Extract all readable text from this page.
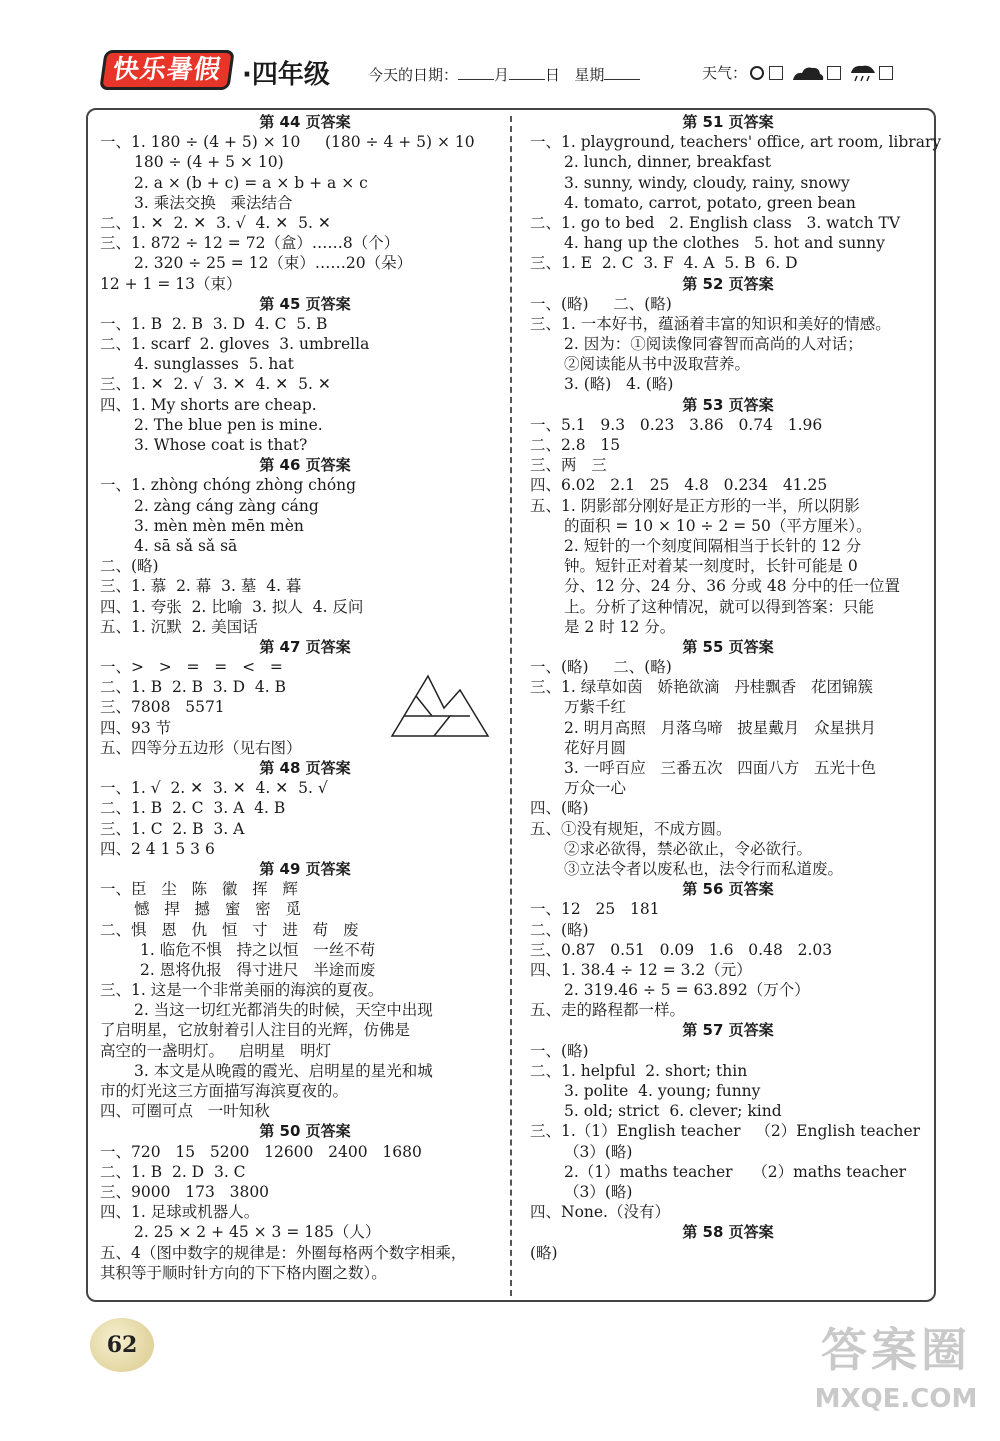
快乐暑假 ·四年级	今天的日期： 月 日 星期	天气：
第 44 页答案
一、1. 180 ÷ (4 + 5) × 10     (180 ÷ 4 + 5) × 10
180 ÷ (4 + 5 × 10)
2. a × (b + c) = a × b + a × c
3. 乘法交换   乘法结合
二、1. ✕  2. ✕  3. √  4. ✕  5. ✕
三、1. 872 ÷ 12 = 72（盒）……8（个）
2. 320 ÷ 25 = 12（束）……20（朵）
12 + 1 = 13（束）
第 45 页答案
一、1. B  2. B  3. D  4. C  5. B
二、1. scarf  2. gloves  3. umbrella
4. sunglasses  5. hat
三、1. ✕  2. √  3. ✕  4. ✕  5. ✕
四、1. My shorts are cheap.
2. The blue pen is mine.
3. Whose coat is that?
第 46 页答案
一、1. zhòng chóng zhòng chóng
2. zàng cáng zàng cáng
3. mèn mèn mēn mèn
4. sā sǎ sǎ sā
二、(略)
三、1. 慕  2. 幕  3. 墓  4. 暮
四、1. 夸张  2. 比喻  3. 拟人  4. 反问
五、1. 沉默  2. 美国话
第 47 页答案
一、>   >   =   =   <   =
二、1. B  2. B  3. D  4. B
三、7808   5571
四、93 节
五、四等分五边形（见右图）
第 48 页答案
一、1. √  2. ✕  3. ✕  4. ✕  5. √
二、1. B  2. C  3. A  4. B
三、1. C  2. B  3. A
四、2 4 1 5 3 6
第 49 页答案
一、臣   尘   陈   徽   挥   辉
憾   捍   撼   蜜   密   觅
二、惧   恩   仇   恒   寸   进   苟   废
1. 临危不惧   持之以恒   一丝不苟
2. 恩将仇报   得寸进尺   半途而废
三、1. 这是一个非常美丽的海滨的夏夜。
2. 当这一切红光都消失的时候，天空中出现
了启明星，它放射着引人注目的光辉，仿佛是
高空的一盏明灯。   启明星   明灯
3. 本文是从晚霞的霞光、启明星的星光和城
市的灯光这三方面描写海滨夏夜的。
四、可圈可点   一叶知秋
第 50 页答案
一、720   15   5200   12600   2400   1680
二、1. B  2. D  3. C
三、9000   173   3800
四、1. 足球或机器人。
2. 25 × 2 + 45 × 3 = 185（人）
五、4（图中数字的规律是：外圈每格两个数字相乘，
其积等于顺时针方向的下下格内圈之数）。
第 51 页答案
一、1. playground, teachers' office, art room, library
2. lunch, dinner, breakfast
3. sunny, windy, cloudy, rainy, snowy
4. tomato, carrot, potato, green bean
二、1. go to bed   2. English class   3. watch TV
4. hang up the clothes   5. hot and sunny
三、1. E  2. C  3. F  4. A  5. B  6. D
第 52 页答案
一、(略)     二、(略)
三、1. 一本好书，蕴涵着丰富的知识和美好的情感。
2. 因为：①阅读像同睿智而高尚的人对话；
②阅读能从书中汲取营养。
3. (略)   4. (略)
第 53 页答案
一、5.1   9.3   0.23   3.86   0.74   1.96
二、2.8   15
三、两   三
四、6.02   2.1   25   4.8   0.234   41.25
五、1. 阴影部分刚好是正方形的一半，所以阴影
的面积 = 10 × 10 ÷ 2 = 50（平方厘米）。
2. 短针的一个刻度间隔相当于长针的 12 分
钟。短针正对着某一刻度时，长针可能是 0
分、12 分、24 分、36 分或 48 分中的任一位置
上。分析了这种情况，就可以得到答案：只能
是 2 时 12 分。
第 55 页答案
一、(略)     二、(略)
三、1. 绿草如茵   娇艳欲滴   丹桂飘香   花团锦簇
万紫千红
2. 明月高照   月落乌啼   披星戴月   众星拱月
花好月圆
3. 一呼百应   三番五次   四面八方   五光十色
万众一心
四、(略)
五、①没有规矩，不成方圆。
②求必欲得，禁必欲止，令必欲行。
③立法令者以废私也，法令行而私道废。
第 56 页答案
一、12   25   181
二、(略)
三、0.87   0.51   0.09   1.6   0.48   2.03
四、1. 38.4 ÷ 12 = 3.2（元）
2. 319.46 ÷ 5 = 63.892（万个）
五、走的路程都一样。
第 57 页答案
一、(略)
二、1. helpful  2. short; thin
3. polite  4. young; funny
5. old; strict  6. clever; kind
三、1.（1）English teacher   （2）English teacher
（3）(略)
2.（1）maths teacher    （2）maths teacher
（3）(略)
四、None.（没有）
第 58 页答案
(略)
62	答案圈
MXQE.COM
